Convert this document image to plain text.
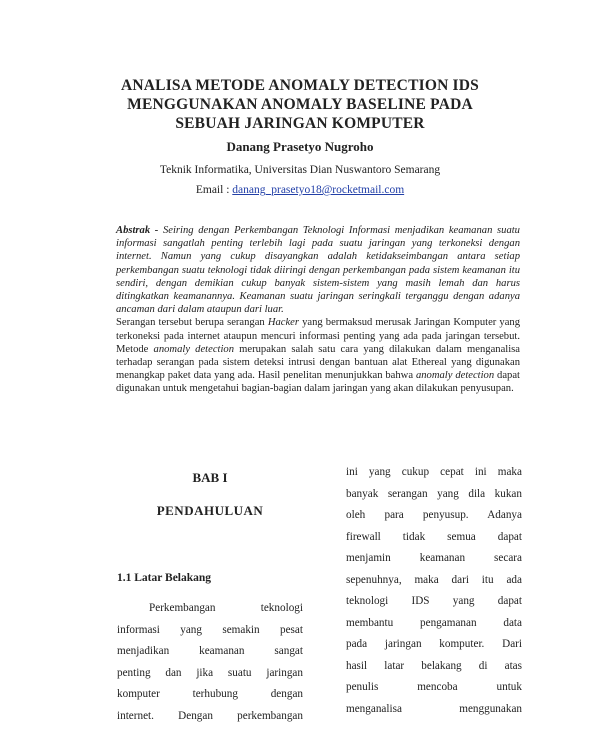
ANALISA METODE ANOMALY DETECTION IDS
MENGGUNAKAN ANOMALY BASELINE PADA
SEBUAH JARINGAN KOMPUTER
Danang Prasetyo Nugroho
Teknik Informatika, Universitas Dian Nuswantoro Semarang
Email : danang_prasetyo18@rocketmail.com

Abstrak - Seiring dengan Perkembangan Teknologi Informasi menjadikan keamanan suatu informasi sangatlah penting terlebih lagi pada suatu jaringan yang terkoneksi dengan internet. Namun yang cukup disayangkan adalah ketidakseimbangan antara setiap perkembangan suatu teknologi tidak diiringi dengan perkembangan pada sistem keamanan itu sendiri, dengan demikian cukup banyak sistem-sistem yang masih lemah dan harus ditingkatkan keamanannya. Keamanan suatu jaringan seringkali terganggu dengan adanya ancaman dari dalam ataupun dari luar.

Serangan tersebut berupa serangan Hacker yang bermaksud merusak Jaringan Komputer yang terkoneksi pada internet ataupun mencuri informasi penting yang ada pada jaringan tersebut. Metode anomaly detection merupakan salah satu cara yang dilakukan dalam menganalisa terhadap serangan pada sistem deteksi intrusi dengan bantuan alat Ethereal yang digunakan menangkap paket data yang ada. Hasil penelitan menunjukkan bahwa anomaly detection dapat digunakan untuk mengetahui bagian-bagian dalam jaringan yang akan dilakukan penyusupan.

BAB I
PENDAHULUAN
1.1 Latar Belakang
Perkembangan teknologi
informasi yang semakin pesat
menjadikan keamanan sangat
penting dan jika suatu jaringan
komputer terhubung dengan
internet. Dengan perkembangan
ini yang cukup cepat ini maka
banyak serangan yang dila kukan
oleh para penyusup. Adanya
firewall tidak semua dapat
menjamin keamanan secara
sepenuhnya, maka dari itu ada
teknologi IDS yang dapat
membantu pengamanan data
pada jaringan komputer. Dari
hasil latar belakang di atas
penulis mencoba untuk
menganalisa menggunakan
